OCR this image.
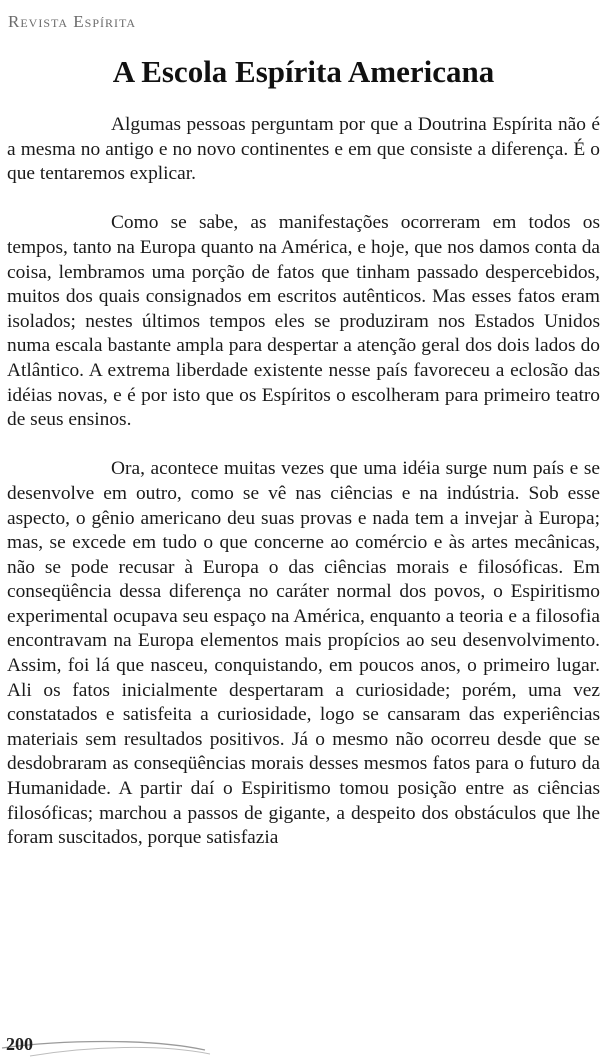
Revista Espírita
A Escola Espírita Americana

Algumas pessoas perguntam por que a Doutrina Espírita não é a mesma no antigo e no novo continentes e em que consiste a diferença. É o que tentaremos explicar.

Como se sabe, as manifestações ocorreram em todos os tempos, tanto na Europa quanto na América, e hoje, que nos damos conta da coisa, lembramos uma porção de fatos que tinham passado despercebidos, muitos dos quais consignados em escritos autênticos. Mas esses fatos eram isolados; nestes últimos tempos eles se produziram nos Estados Unidos numa escala bastante ampla para despertar a atenção geral dos dois lados do Atlântico. A extrema liberdade existente nesse país favoreceu a eclosão das idéias novas, e é por isto que os Espíritos o escolheram para primeiro teatro de seus ensinos.

Ora, acontece muitas vezes que uma idéia surge num país e se desenvolve em outro, como se vê nas ciências e na indústria. Sob esse aspecto, o gênio americano deu suas provas e nada tem a invejar à Europa; mas, se excede em tudo o que concerne ao comércio e às artes mecânicas, não se pode recusar à Europa o das ciências morais e filosóficas. Em conseqüência dessa diferença no caráter normal dos povos, o Espiritismo experimental ocupava seu espaço na América, enquanto a teoria e a filosofia encontravam na Europa elementos mais propícios ao seu desenvolvimento. Assim, foi lá que nasceu, conquistando, em poucos anos, o primeiro lugar. Ali os fatos inicialmente despertaram a curiosidade; porém, uma vez constatados e satisfeita a curiosidade, logo se cansaram das experiências materiais sem resultados positivos. Já o mesmo não ocorreu desde que se desdobraram as conseqüências morais desses mesmos fatos para o futuro da Humanidade. A partir daí o Espiritismo tomou posição entre as ciências filosóficas; marchou a passos de gigante, a despeito dos obstáculos que lhe foram suscitados, porque satisfazia

200
